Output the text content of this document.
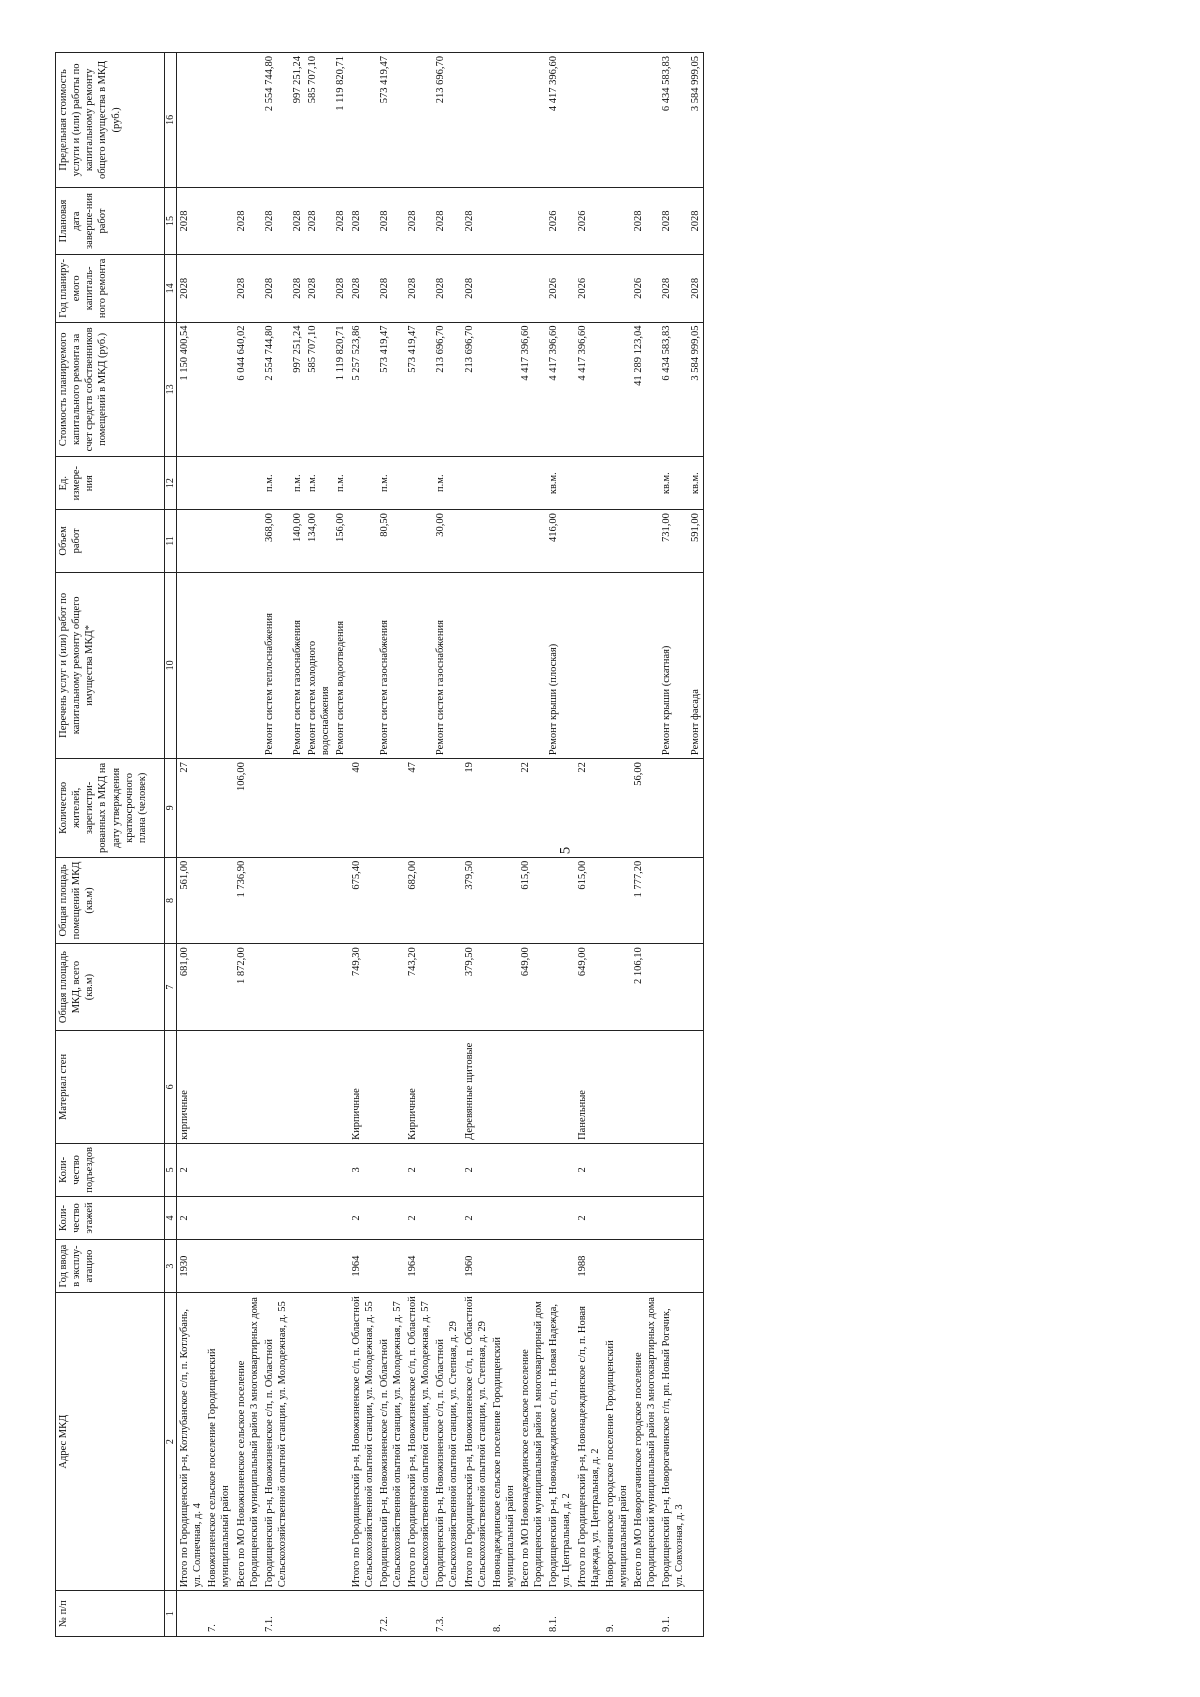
5
№ п/п	Адрес МКД	Год ввода в эксплу-атацию	Коли-чество этажей	Коли-чество подъездов	Материал стен	Общая площадь МКД, всего (кв.м)	Общая площадь помещений МКД (кв.м)	Количество жителей, зарегистри-рованных в МКД на дату утверждения краткосрочного плана (человек)	Перечень услуг и (или) работ по капитальному ремонту общего имущества МКД*	Объем работ	Ед. измере-ния	Стоимость планируемого капитального ремонта за счет средств собственников помещений в МКД (руб.)	Год планиру-емого капиталь-ного ремонта	Плановая дата заверше-ния работ	Предельная стоимость услуги и (или) работы по капитальному ремонту общего имущества в МКД (руб.)
1	2	3	4	5	6	7	8	9	10	11	12	13	14	15	16
	Итого по Городищенский р-н, Котлубанское с/п, п. Котлубань, ул. Солнечная, д. 4	1930	2	2	кирпичные	681,00	561,00	27				1 150 400,54	2028	2028	
7.	Новожизненское сельское поселение Городищенский муниципальный район														
	Всего по МО Новожизненское сельское поселение Городищенский муниципальный район 3 многоквартирных дома					1 872,00	1 736,90	106,00				6 044 640,02	2028	2028	
7.1.	Городищенский р-н, Новожизненское с/п, п. Областной Сельскохозяйственной опытной станции, ул. Молодежная, д. 55								Ремонт систем теплоснабжения	368,00	п.м.	2 554 744,80	2028	2028	2 554 744,80
									Ремонт систем газоснабжения	140,00	п.м.	997 251,24	2028	2028	997 251,24
									Ремонт систем холодного водоснабжения	134,00	п.м.	585 707,10	2028	2028	585 707,10
									Ремонт систем водоотведения	156,00	п.м.	1 119 820,71	2028	2028	1 119 820,71
	Итого по Городищенский р-н, Новожизненское с/п, п. Областной Сельскохозяйственной опытной станции, ул. Молодежная, д. 55	1964	2	3	Кирпичные	749,30	675,40	40				5 257 523,86	2028	2028	
7.2.	Городищенский р-н, Новожизненское с/п, п. Областной Сельскохозяйственной опытной станции, ул. Молодежная, д. 57								Ремонт систем газоснабжения	80,50	п.м.	573 419,47	2028	2028	573 419,47
	Итого по Городищенский р-н, Новожизненское с/п, п. Областной Сельскохозяйственной опытной станции, ул. Молодежная, д. 57	1964	2	2	Кирпичные	743,20	682,00	47				573 419,47	2028	2028	
7.3.	Городищенский р-н, Новожизненское с/п, п. Областной Сельскохозяйственной опытной станции, ул. Степная, д. 29								Ремонт систем газоснабжения	30,00	п.м.	213 696,70	2028	2028	213 696,70
	Итого по Городищенский р-н, Новожизненское с/п, п. Областной Сельскохозяйственной опытной станции, ул. Степная, д. 29	1960	2	2	Деревянные щитовые	379,50	379,50	19				213 696,70	2028	2028	
8.	Новонадеждинское сельское поселение Городищенский муниципальный район														
	Всего по МО Новонадеждинское сельское поселение Городищенский муниципальный район 1 многоквартирный дом					649,00	615,00	22				4 417 396,60			
8.1.	Городищенский р-н, Новонадеждинское с/п, п. Новая Надежда, ул. Центральная, д. 2								Ремонт крыши (плоская)	416,00	кв.м.	4 417 396,60	2026	2026	4 417 396,60
	Итого по Городищенский р-н, Новонадеждинское с/п, п. Новая Надежда, ул. Центральная, д. 2	1988	2	2	Панельные	649,00	615,00	22				4 417 396,60	2026	2026	
9.	Новорогачинское городское поселение Городищенский муниципальный район														
	Всего по МО Новорогачинское городское поселение Городищенский муниципальный район 3 многоквартирных дома					2 106,10	1 777,20	56,00				41 289 123,04	2026	2028	
9.1.	Городищенский р-н, Новорогачинское г/п, рп. Новый Рогачик, ул. Совхозная, д. 3								Ремонт крыши (скатная)	731,00	кв.м.	6 434 583,83	2028	2028	6 434 583,83
									Ремонт фасада	591,00	кв.м.	3 584 999,05	2028	2028	3 584 999,05
